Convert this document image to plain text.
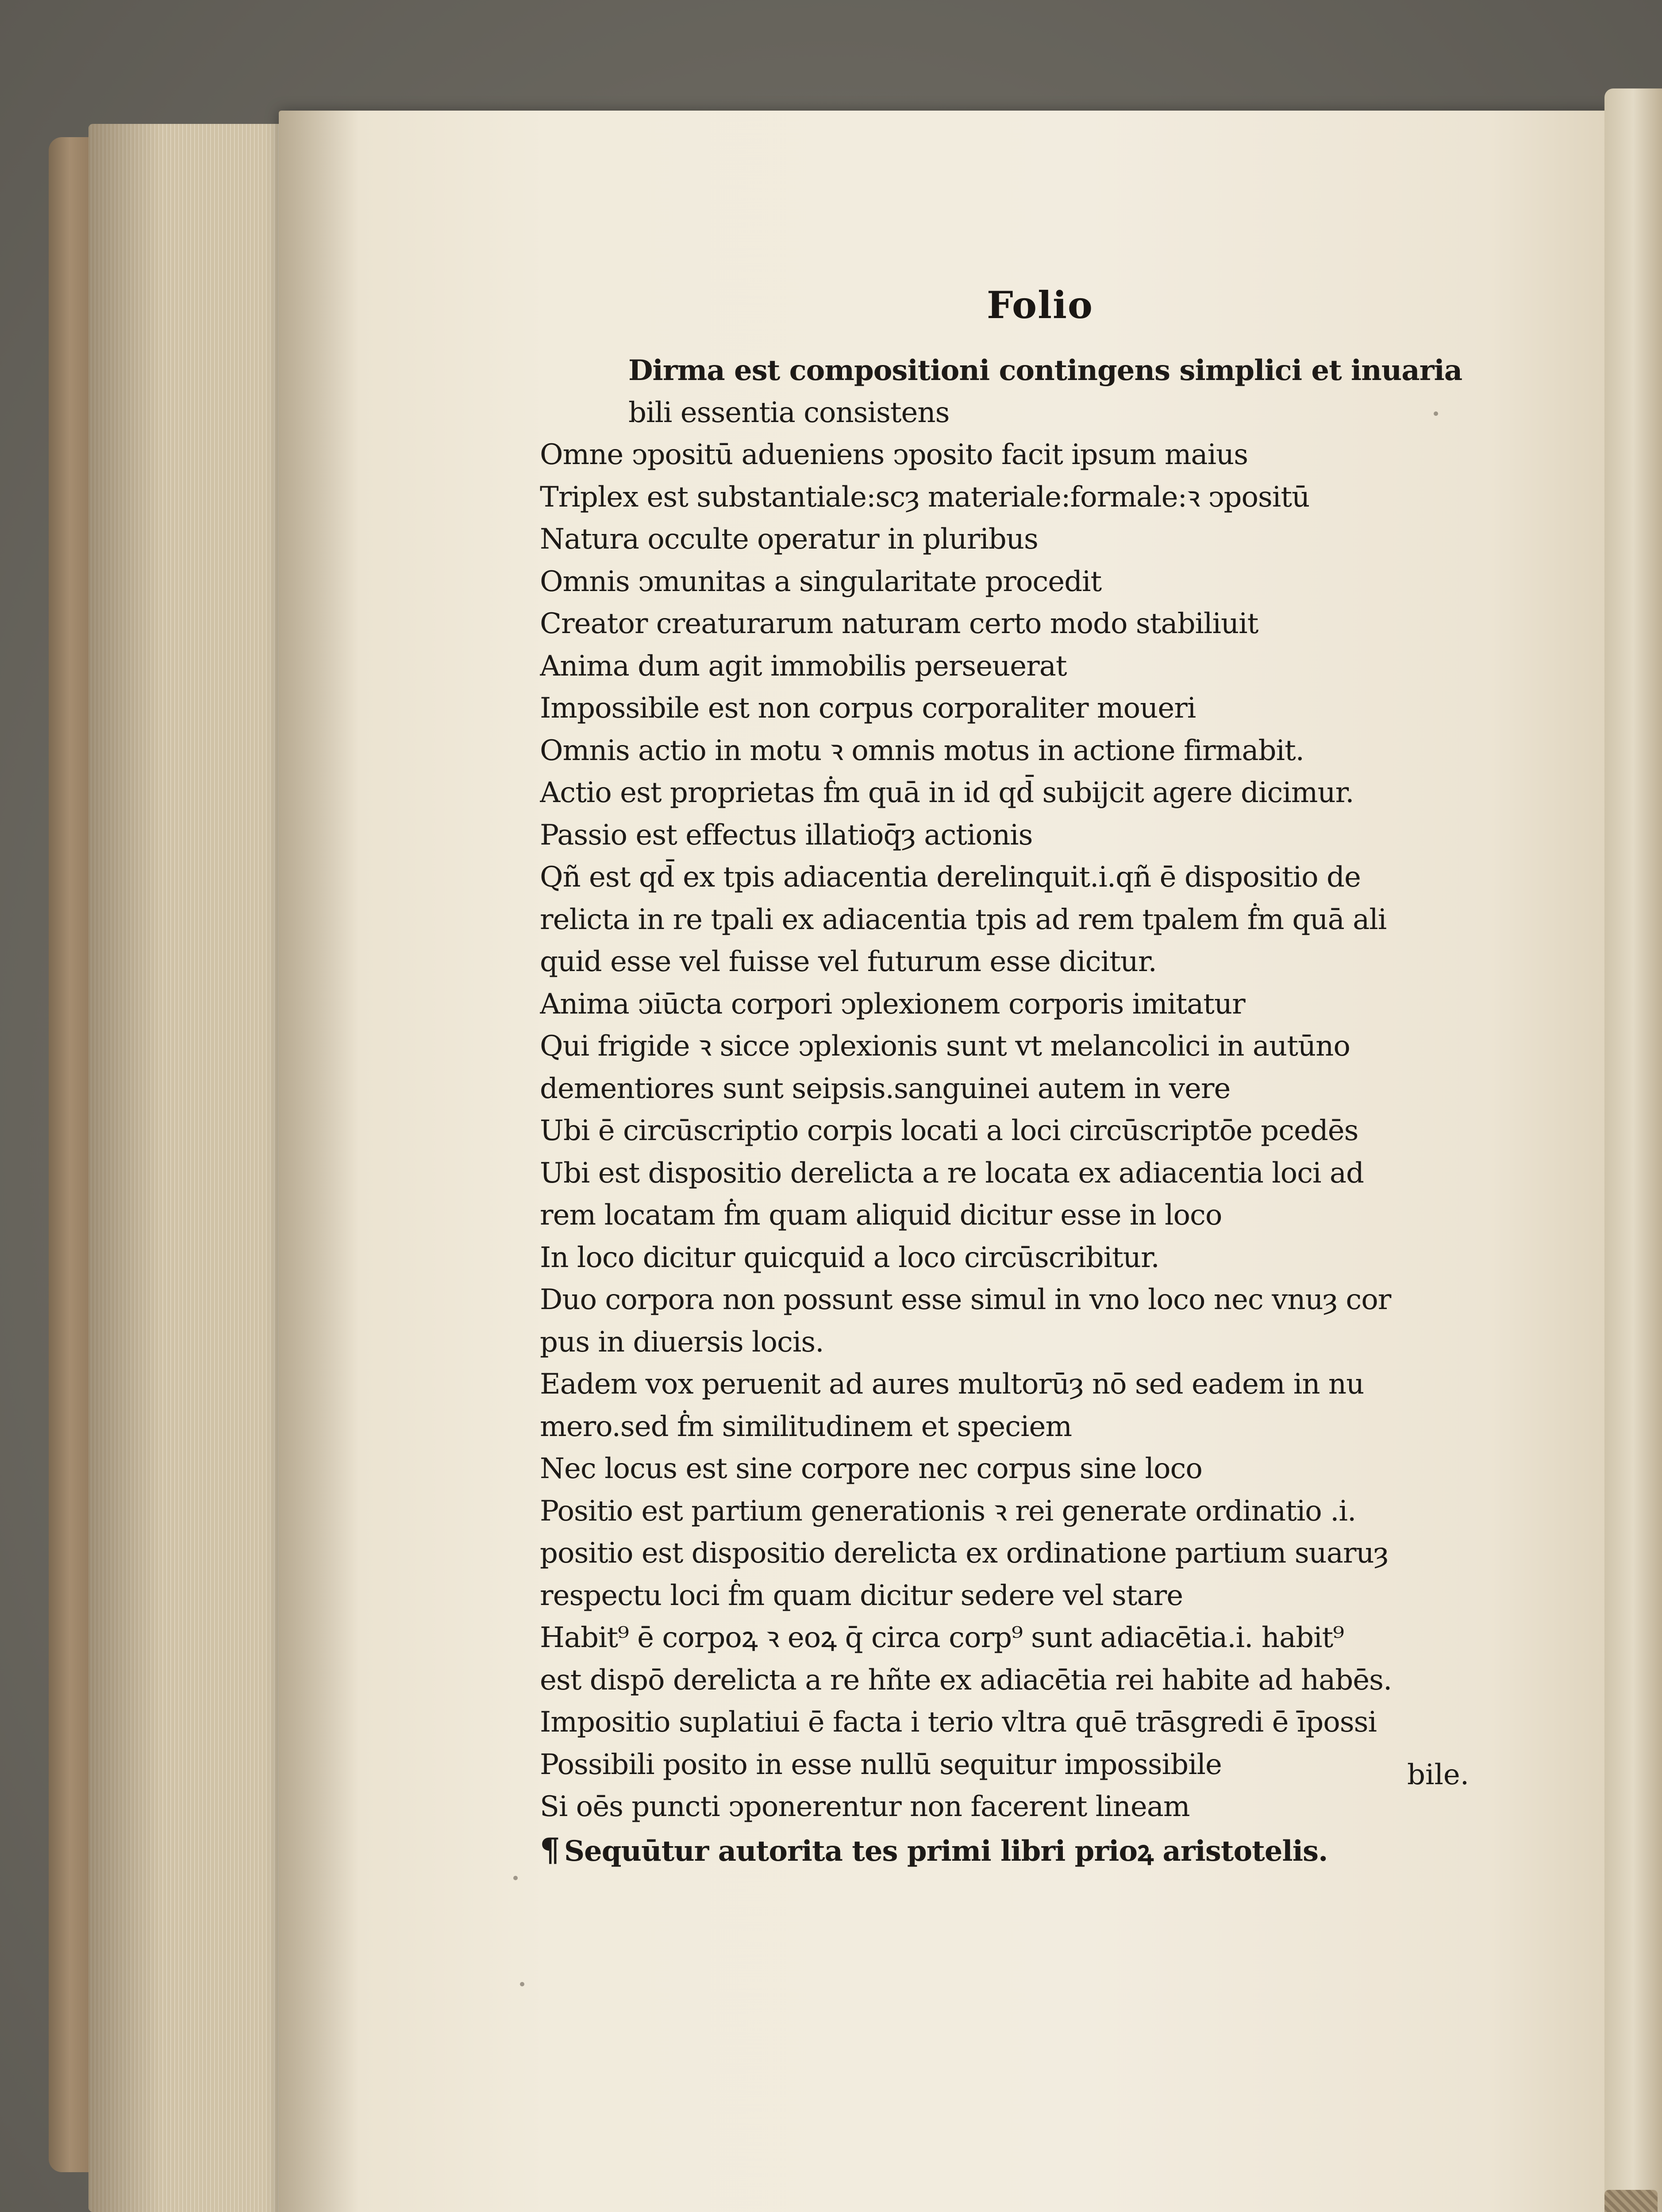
Folio
Dirma est compositioni contingens simplici et inuaria
bili essentia consistens
Omne ↄpositū adueniens ↄposito facit ipsum maius
Triplex est substantiale:scȝ materiale:formale:ꝛ ↄpositū
Natura occulte operatur in pluribus
Omnis ↄmunitas a singularitate procedit
Creator creaturarum naturam certo modo stabiliuit
Anima dum agit immobilis perseuerat
Impossibile est non corpus corporaliter moueri
Omnis actio in motu ꝛ omnis motus in actione firmabit.
Actio est proprietas ḟm quā in id qd̄ subijcit agere dicimur.
Passio est effectus illatioq̄ȝ actionis
Qñ est qd̄ ex tpis adiacentia derelinquit.i.qñ ē dispositio de
relicta in re tpali ex adiacentia tpis ad rem tpalem ḟm quā ali
quid esse vel fuisse vel futurum esse dicitur.
Anima ↄiūcta corpori ↄplexionem corporis imitatur
Qui frigide ꝛ sicce ↄplexionis sunt vt melancolici in autūno
dementiores sunt seipsis.sanguinei autem in vere
Ubi ē circūscriptio corpis locati a loci circūscriptōe pcedēs
Ubi est dispositio derelicta a re locata ex adiacentia loci ad
rem locatam ḟm quam aliquid dicitur esse in loco
In loco dicitur quicquid a loco circūscribitur.
Duo corpora non possunt esse simul in vno loco nec vnuȝ cor
pus in diuersis locis.
Eadem vox peruenit ad aures multorūȝ nō sed eadem in nu
mero.sed ḟm similitudinem et speciem
Nec locus est sine corpore nec corpus sine loco
Positio est partium generationis ꝛ rei generate ordinatio .i.
positio est dispositio derelicta ex ordinatione partium suaruȝ
respectu loci ḟm quam dicitur sedere vel stare
Habit⁹ ē corpoꝝ ꝛ eoꝝ q̄ circa corp⁹ sunt adiacētia.i. habit⁹
est dispō derelicta a re hñte ex adiacētia rei habite ad habēs.
Impositio suplatiui ē facta i terio vltra quē trāsgredi ē īpossi
Possibili posito in esse nullū sequitur impossibile
Si oēs puncti ↄponerentur non facerent lineam
¶ Sequūtur autorita tes primi libri prioꝝ aristotelis.
bile.
